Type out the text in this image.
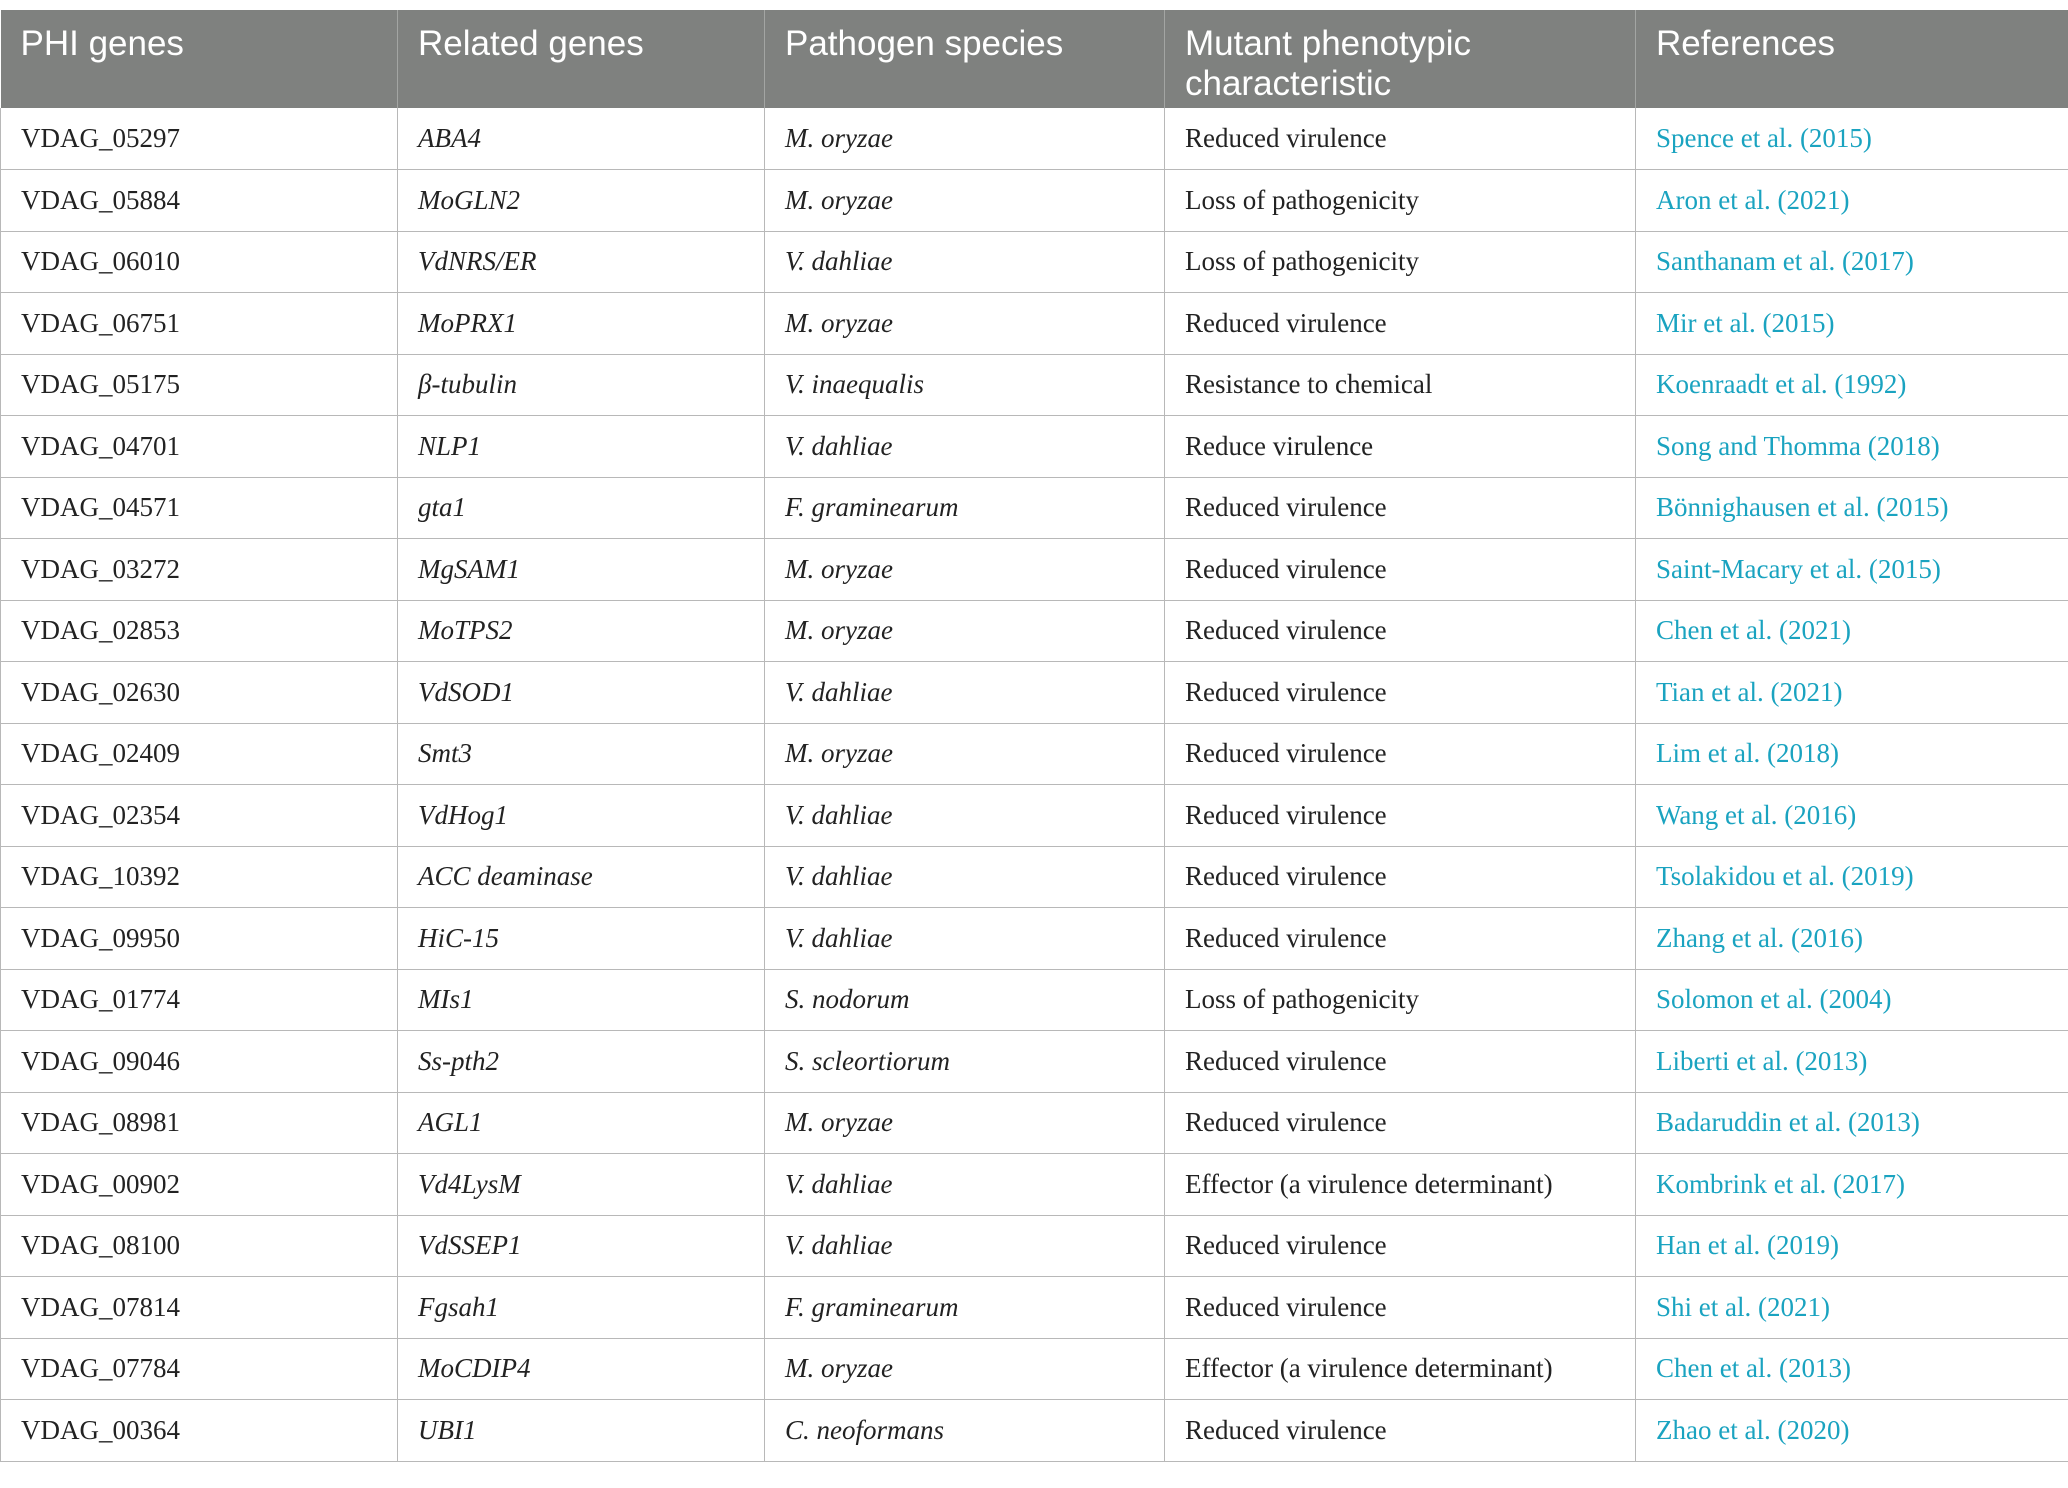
PHI genes	Related genes	Pathogen species	Mutant phenotypic characteristic	References
VDAG_05297	ABA4	M. oryzae	Reduced virulence	Spence et al. (2015)
VDAG_05884	MoGLN2	M. oryzae	Loss of pathogenicity	Aron et al. (2021)
VDAG_06010	VdNRS/ER	V. dahliae	Loss of pathogenicity	Santhanam et al. (2017)
VDAG_06751	MoPRX1	M. oryzae	Reduced virulence	Mir et al. (2015)
VDAG_05175	β-tubulin	V. inaequalis	Resistance to chemical	Koenraadt et al. (1992)
VDAG_04701	NLP1	V. dahliae	Reduce virulence	Song and Thomma (2018)
VDAG_04571	gta1	F. graminearum	Reduced virulence	Bönnighausen et al. (2015)
VDAG_03272	MgSAM1	M. oryzae	Reduced virulence	Saint-Macary et al. (2015)
VDAG_02853	MoTPS2	M. oryzae	Reduced virulence	Chen et al. (2021)
VDAG_02630	VdSOD1	V. dahliae	Reduced virulence	Tian et al. (2021)
VDAG_02409	Smt3	M. oryzae	Reduced virulence	Lim et al. (2018)
VDAG_02354	VdHog1	V. dahliae	Reduced virulence	Wang et al. (2016)
VDAG_10392	ACC deaminase	V. dahliae	Reduced virulence	Tsolakidou et al. (2019)
VDAG_09950	HiC-15	V. dahliae	Reduced virulence	Zhang et al. (2016)
VDAG_01774	MIs1	S. nodorum	Loss of pathogenicity	Solomon et al. (2004)
VDAG_09046	Ss-pth2	S. scleortiorum	Reduced virulence	Liberti et al. (2013)
VDAG_08981	AGL1	M. oryzae	Reduced virulence	Badaruddin et al. (2013)
VDAG_00902	Vd4LysM	V. dahliae	Effector (a virulence determinant)	Kombrink et al. (2017)
VDAG_08100	VdSSEP1	V. dahliae	Reduced virulence	Han et al. (2019)
VDAG_07814	Fgsah1	F. graminearum	Reduced virulence	Shi et al. (2021)
VDAG_07784	MoCDIP4	M. oryzae	Effector (a virulence determinant)	Chen et al. (2013)
VDAG_00364	UBI1	C. neoformans	Reduced virulence	Zhao et al. (2020)
